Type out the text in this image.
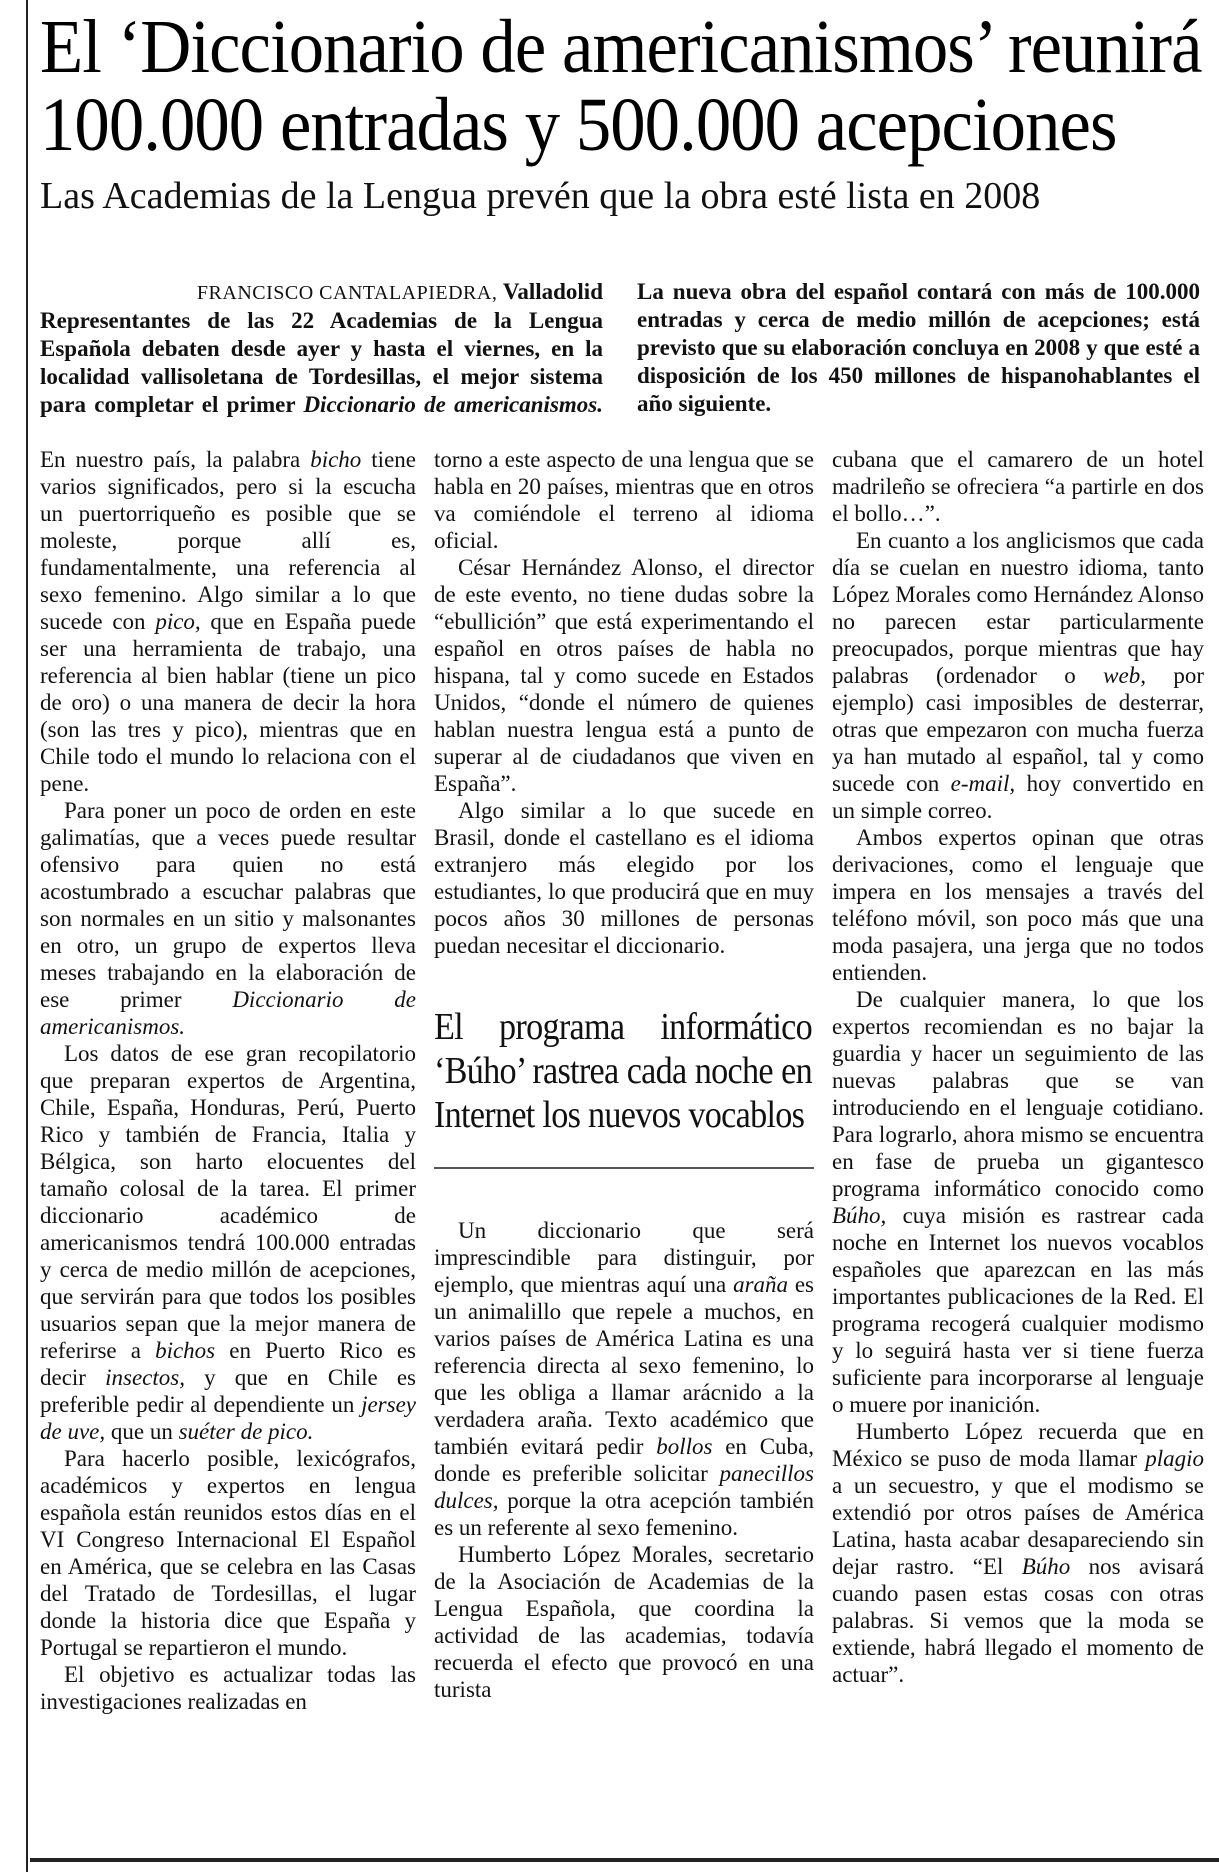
El ‘Diccionario de americanismos’ reunirá 100.000 entradas y 500.000 acepciones
Las Academias de la Lengua prevén que la obra esté lista en 2008
FRANCISCO CANTALAPIEDRA, Valladolid

Representantes de las 22 Academias de la Lengua Española debaten desde ayer y hasta el viernes, en la localidad vallisoletana de Tordesillas, el mejor sistema para completar el primer Diccionario de americanismos. La nueva obra del español contará con más de 100.000 entradas y cerca de medio millón de acepciones; está previsto que su elaboración concluya en 2008 y que esté a disposición de los 450 millones de hispanohablantes el año siguiente.

En nuestro país, la palabra bicho tiene varios significados, pero si la escucha un puertorriqueño es posible que se moleste, porque allí es, fundamentalmente, una referencia al sexo femenino. Algo similar a lo que sucede con pico, que en España puede ser una herramienta de trabajo, una referencia al bien hablar (tiene un pico de oro) o una manera de decir la hora (son las tres y pico), mientras que en Chile todo el mundo lo relaciona con el pene.

Para poner un poco de orden en este galimatías, que a veces puede resultar ofensivo para quien no está acostumbrado a escuchar palabras que son normales en un sitio y malsonantes en otro, un grupo de expertos lleva meses trabajando en la elaboración de ese primer Diccionario de americanismos.

Los datos de ese gran recopilatorio que preparan expertos de Argentina, Chile, España, Honduras, Perú, Puerto Rico y también de Francia, Italia y Bélgica, son harto elocuentes del tamaño colosal de la tarea. El primer diccionario académico de americanismos tendrá 100.000 entradas y cerca de medio millón de acepciones, que servirán para que todos los posibles usuarios sepan que la mejor manera de referirse a bichos en Puerto Rico es decir insectos, y que en Chile es preferible pedir al dependiente un jersey de uve, que un suéter de pico.

Para hacerlo posible, lexicógrafos, académicos y expertos en lengua española están reunidos estos días en el VI Congreso Internacional El Español en América, que se celebra en las Casas del Tratado de Tordesillas, el lugar donde la historia dice que España y Portugal se repartieron el mundo.

El objetivo es actualizar todas las investigaciones realizadas en

torno a este aspecto de una lengua que se habla en 20 países, mientras que en otros va comiéndole el terreno al idioma oficial.

César Hernández Alonso, el director de este evento, no tiene dudas sobre la “ebullición” que está experimentando el español en otros países de habla no hispana, tal y como sucede en Estados Unidos, “donde el número de quienes hablan nuestra lengua está a punto de superar al de ciudadanos que viven en España”.

Algo similar a lo que sucede en Brasil, donde el castellano es el idioma extranjero más elegido por los estudiantes, lo que producirá que en muy pocos años 30 millones de personas puedan necesitar el diccionario.

El programa informático ‘Búho’ rastrea cada noche en Internet los nuevos vocablos

Un diccionario que será imprescindible para distinguir, por ejemplo, que mientras aquí una araña es un animalillo que repele a muchos, en varios países de América Latina es una referencia directa al sexo femenino, lo que les obliga a llamar arácnido a la verdadera araña. Texto académico que también evitará pedir bollos en Cuba, donde es preferible solicitar panecillos dulces, porque la otra acepción también es un referente al sexo femenino.

Humberto López Morales, secretario de la Asociación de Academias de la Lengua Española, que coordina la actividad de las academias, todavía recuerda el efecto que provocó en una turista

cubana que el camarero de un hotel madrileño se ofreciera “a partirle en dos el bollo…”.

En cuanto a los anglicismos que cada día se cuelan en nuestro idioma, tanto López Morales como Hernández Alonso no parecen estar particularmente preocupados, porque mientras que hay palabras (ordenador o web, por ejemplo) casi imposibles de desterrar, otras que empezaron con mucha fuerza ya han mutado al español, tal y como sucede con e-mail, hoy convertido en un simple correo.

Ambos expertos opinan que otras derivaciones, como el lenguaje que impera en los mensajes a través del teléfono móvil, son poco más que una moda pasajera, una jerga que no todos entienden.

De cualquier manera, lo que los expertos recomiendan es no bajar la guardia y hacer un seguimiento de las nuevas palabras que se van introduciendo en el lenguaje cotidiano. Para lograrlo, ahora mismo se encuentra en fase de prueba un gigantesco programa informático conocido como Búho, cuya misión es rastrear cada noche en Internet los nuevos vocablos españoles que aparezcan en las más importantes publicaciones de la Red. El programa recogerá cualquier modismo y lo seguirá hasta ver si tiene fuerza suficiente para incorporarse al lenguaje o muere por inanición.

Humberto López recuerda que en México se puso de moda llamar plagio a un secuestro, y que el modismo se extendió por otros países de América Latina, hasta acabar desapareciendo sin dejar rastro. “El Búho nos avisará cuando pasen estas cosas con otras palabras. Si vemos que la moda se extiende, habrá llegado el momento de actuar”.
